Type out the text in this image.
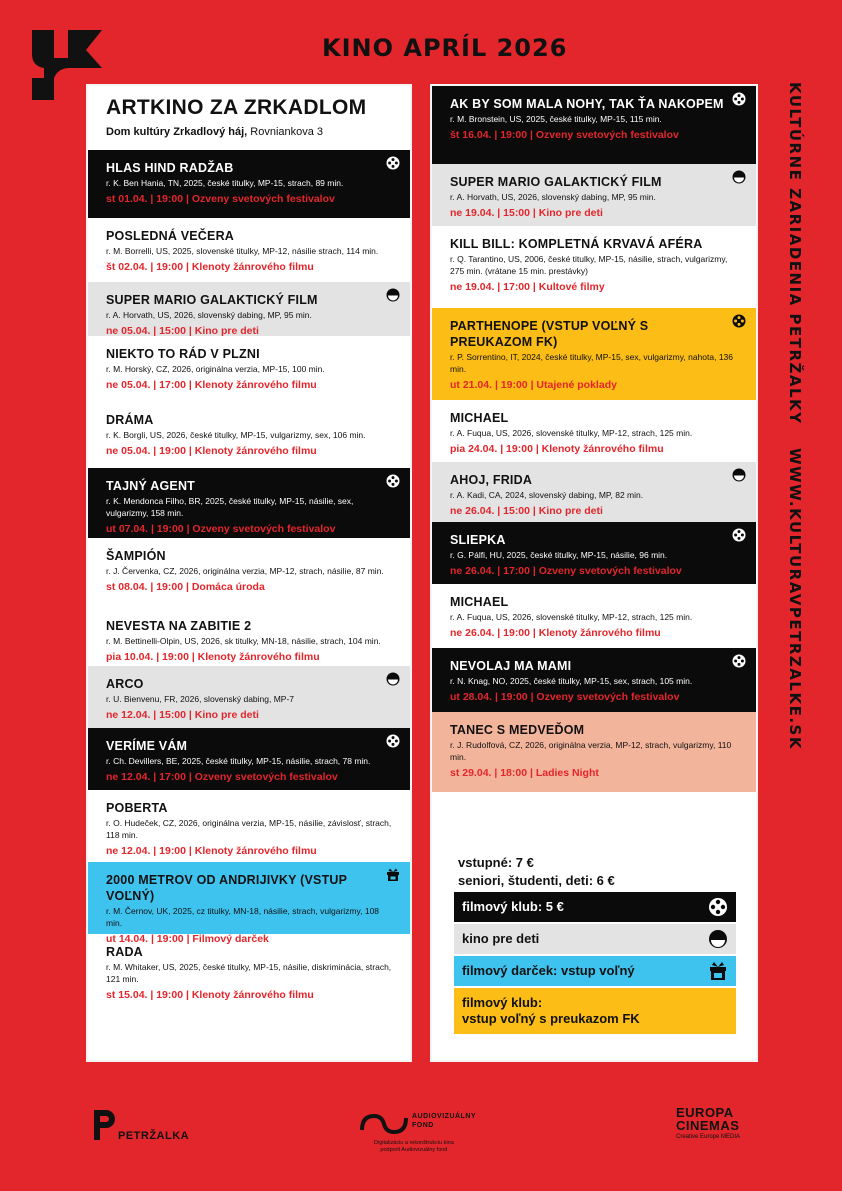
KINO APRÍL 2026
KULTÚRNE ZARIADENIA PETRŽALKY
WWW.KULTURAVPETRZALKE.SK
ARTKINO ZA ZRKADLOM
Dom kultúry Zrkadlový háj, Rovniankova 3
HLAS HIND RADŽAB
r. K. Ben Hania, TN, 2025, české titulky, MP-15, strach, 89 min.
st 01.04. | 19:00 | Ozveny svetových festivalov
POSLEDNÁ VEČERA
r. M. Borrelli, US, 2025, slovenské titulky, MP-12, násilie strach, 114 min.
št 02.04. | 19:00 | Klenoty žánrového filmu
SUPER MARIO GALAKTICKÝ FILM
r. A. Horvath, US, 2026, slovenský dabing, MP, 95 min.
ne 05.04. | 15:00 | Kino pre deti
NIEKTO TO RÁD V PLZNI
r. M. Horský, CZ, 2026, originálna verzia, MP-15, 100 min.
ne 05.04. | 17:00 | Klenoty žánrového filmu
DRÁMA
r. K. Borgli, US, 2026, české titulky, MP-15, vulgarizmy, sex, 106 min.
ne 05.04. | 19:00 | Klenoty žánrového filmu
TAJNÝ AGENT
r. K. Mendonca Filho, BR, 2025, české titulky, MP-15, násilie, sex, vulgarizmy, 158 min.
ut 07.04. | 19:00 | Ozveny svetových festivalov
ŠAMPIÓN
r. J. Červenka, CZ, 2026, originálna verzia, MP-12, strach, násilie, 87 min.
st 08.04. | 19:00 | Domáca úroda
NEVESTA NA ZABITIE 2
r. M. Bettinelli-Olpin, US, 2026, sk titulky, MN-18, násilie, strach, 104 min.
pia 10.04. | 19:00 | Klenoty žánrového filmu
ARCO
r. U. Bienvenu, FR, 2026, slovenský dabing, MP-7
ne 12.04. | 15:00 | Kino pre deti
VERÍME VÁM
r. Ch. Devillers, BE, 2025, české titulky, MP-15, násilie, strach, 78 min.
ne 12.04. | 17:00 | Ozveny svetových festivalov
POBERTA
r. O. Hudeček, CZ, 2026, originálna verzia, MP-15, násilie, závislosť, strach, 118 min.
ne 12.04. | 19:00 | Klenoty žánrového filmu
2000 METROV OD ANDRIJIVKY (VSTUP VOĽNÝ)
r. M. Černov, UK, 2025, cz titulky, MN-18, násilie, strach, vulgarizmy, 108 min.
ut 14.04. | 19:00 | Filmový darček
RADA
r. M. Whitaker, US, 2025, české titulky, MP-15, násilie, diskriminácia, strach, 121 min.
st 15.04. | 19:00 | Klenoty žánrového filmu
AK BY SOM MALA NOHY, TAK ŤA NAKOPEM
r. M. Bronstein, US, 2025, české titulky, MP-15, 115 min.
št 16.04. | 19:00 | Ozveny svetových festivalov
SUPER MARIO GALAKTICKÝ FILM
r. A. Horvath, US, 2026, slovenský dabing, MP, 95 min.
ne 19.04. | 15:00 | Kino pre deti
KILL BILL: KOMPLETNÁ KRVAVÁ AFÉRA
r. Q. Tarantino, US, 2006, české titulky, MP-15, násilie, strach, vulgarizmy, 275 min. (vrátane 15 min. prestávky)
ne 19.04. | 17:00 | Kultové filmy
PARTHENOPE (VSTUP VOĽNÝ S PREUKAZOM FK)
r. P. Sorrentino, IT, 2024, české titulky, MP-15, sex, vulgarizmy, nahota, 136 min.
ut 21.04. | 19:00 | Utajené poklady
MICHAEL
r. A. Fuqua, US, 2026, slovenské titulky, MP-12, strach, 125 min.
pia 24.04. | 19:00 | Klenoty žánrového filmu
AHOJ, FRIDA
r. A. Kadi, CA, 2024, slovenský dabing, MP, 82 min.
ne 26.04. | 15:00 | Kino pre deti
SLIEPKA
r. G. Pálfi, HU, 2025, české titulky, MP-15, násilie, 96 min.
ne 26.04. | 17:00 | Ozveny svetových festivalov
MICHAEL
r. A. Fuqua, US, 2026, slovenské titulky, MP-12, strach, 125 min.
ne 26.04. | 19:00 | Klenoty žánrového filmu
NEVOLAJ MA MAMI
r. N. Knag, NO, 2025, české titulky, MP-15, sex, strach, 105 min.
ut 28.04. | 19:00 | Ozveny svetových festivalov
TANEC S MEDVEĎOM
r. J. Rudolfová, CZ, 2026, originálna verzia, MP-12, strach, vulgarizmy, 110 min.
st 29.04. | 18:00 | Ladies Night
vstupné: 7 €
seniori, študenti, deti: 6 €
filmový klub: 5 €
kino pre deti
filmový darček: vstup voľný
filmový klub:
vstup voľný s preukazom FK
PETRŽALKA
AUDIOVIZUÁLNY
FOND
Digitalizáciu a rekonštrukciu kina
podporil Audiovizuálny fond
EUROPA
CINEMAS
Creative Europe MEDIA
